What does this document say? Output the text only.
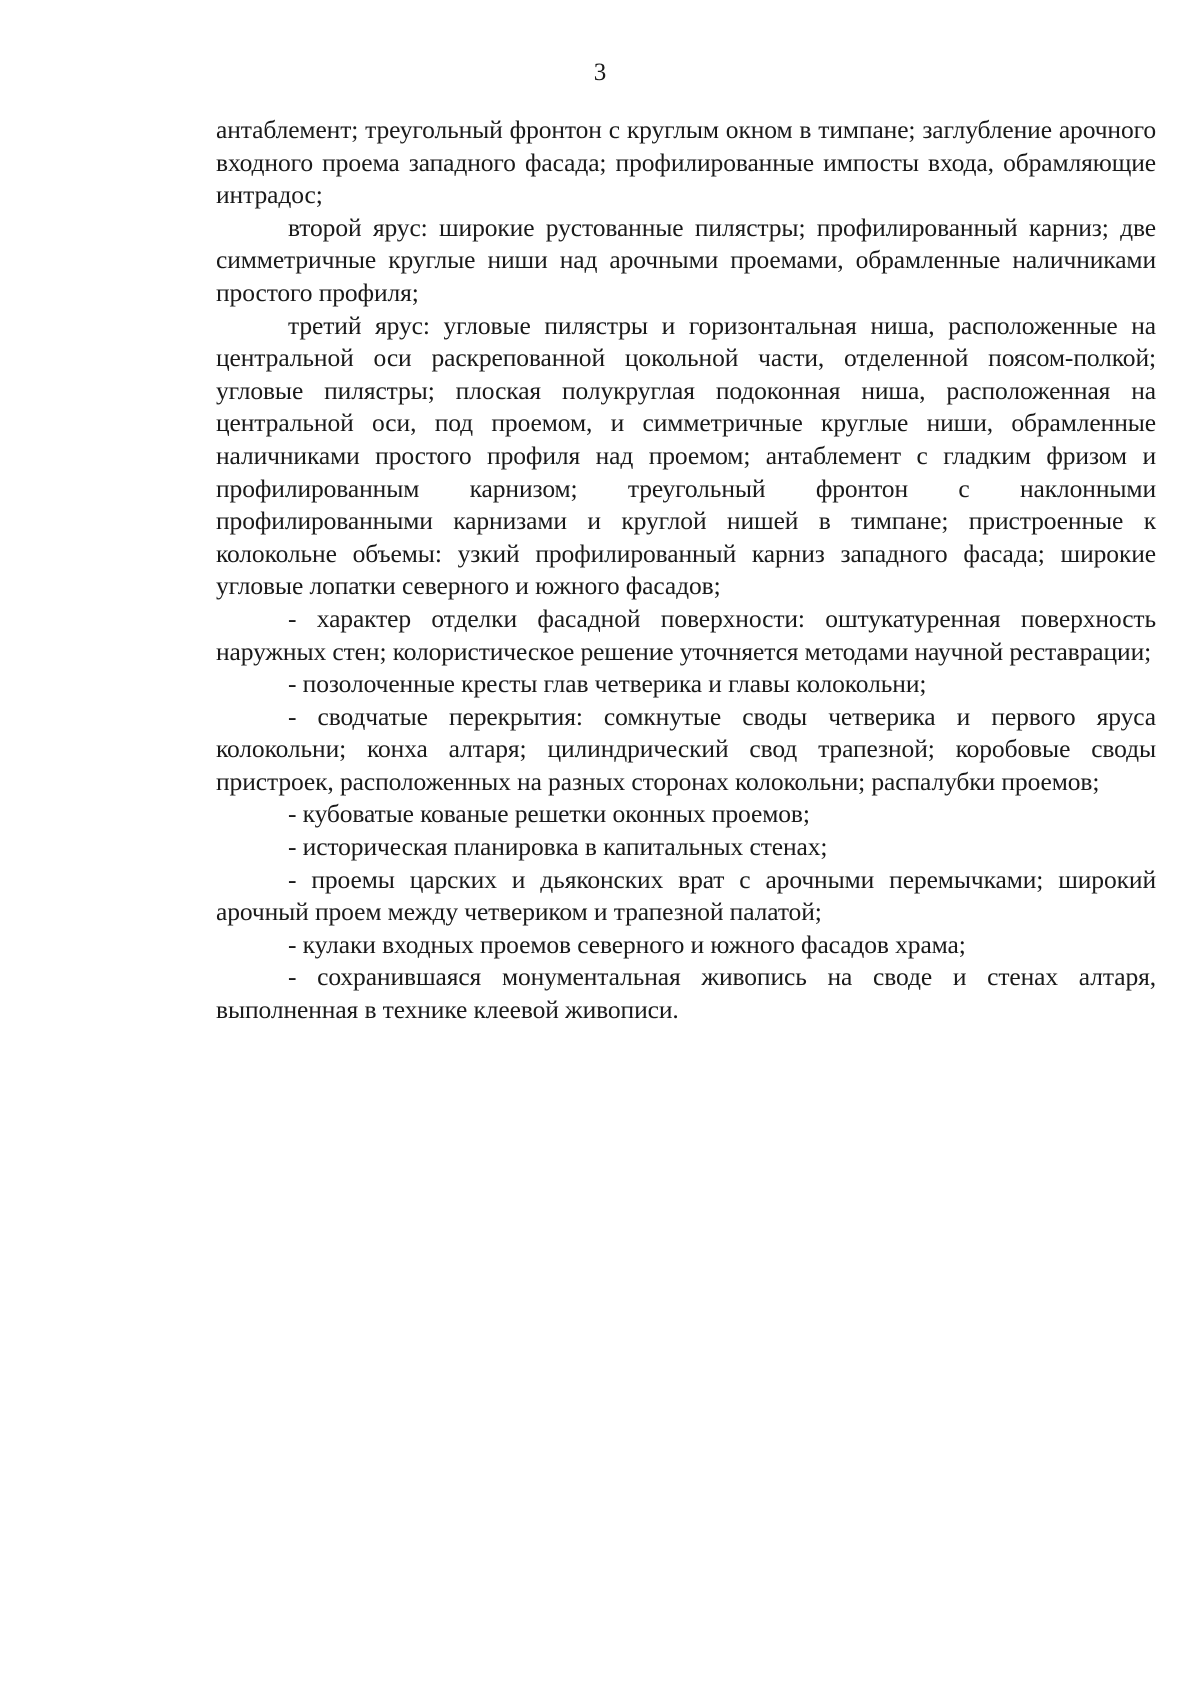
3

антаблемент; треугольный фронтон с круглым окном в тимпане; заглубление арочного входного проема западного фасада; профилированные импосты входа, обрамляющие интрадос;

второй ярус: широкие рустованные пилястры; профилированный карниз; две симметричные круглые ниши над арочными проемами, обрамленные наличниками простого профиля;

третий ярус: угловые пилястры и горизонтальная ниша, расположенные на центральной оси раскрепованной цокольной части, отделенной поясом-полкой; угловые пилястры; плоская полукруглая подоконная ниша, расположенная на центральной оси, под проемом, и симметричные круглые ниши, обрамленные наличниками простого профиля над проемом; антаблемент с гладким фризом и профилированным карнизом; треугольный фронтон с наклонными профилированными карнизами и круглой нишей в тимпане; пристроенные к колокольне объемы: узкий профилированный карниз западного фасада; широкие угловые лопатки северного и южного фасадов;

- характер отделки фасадной поверхности: оштукатуренная поверхность наружных стен; колористическое решение уточняется методами научной реставрации;

- позолоченные кресты глав четверика и главы колокольни;

- сводчатые перекрытия: сомкнутые своды четверика и первого яруса колокольни; конха алтаря; цилиндрический свод трапезной; коробовые своды пристроек, расположенных на разных сторонах колокольни; распалубки проемов;

- кубоватые кованые решетки оконных проемов;

- историческая планировка в капитальных стенах;

- проемы царских и дьяконских врат с арочными перемычками; широкий арочный проем между четвериком и трапезной палатой;

- кулаки входных проемов северного и южного фасадов храма;

- сохранившаяся монументальная живопись на своде и стенах алтаря, выполненная в технике клеевой живописи.
